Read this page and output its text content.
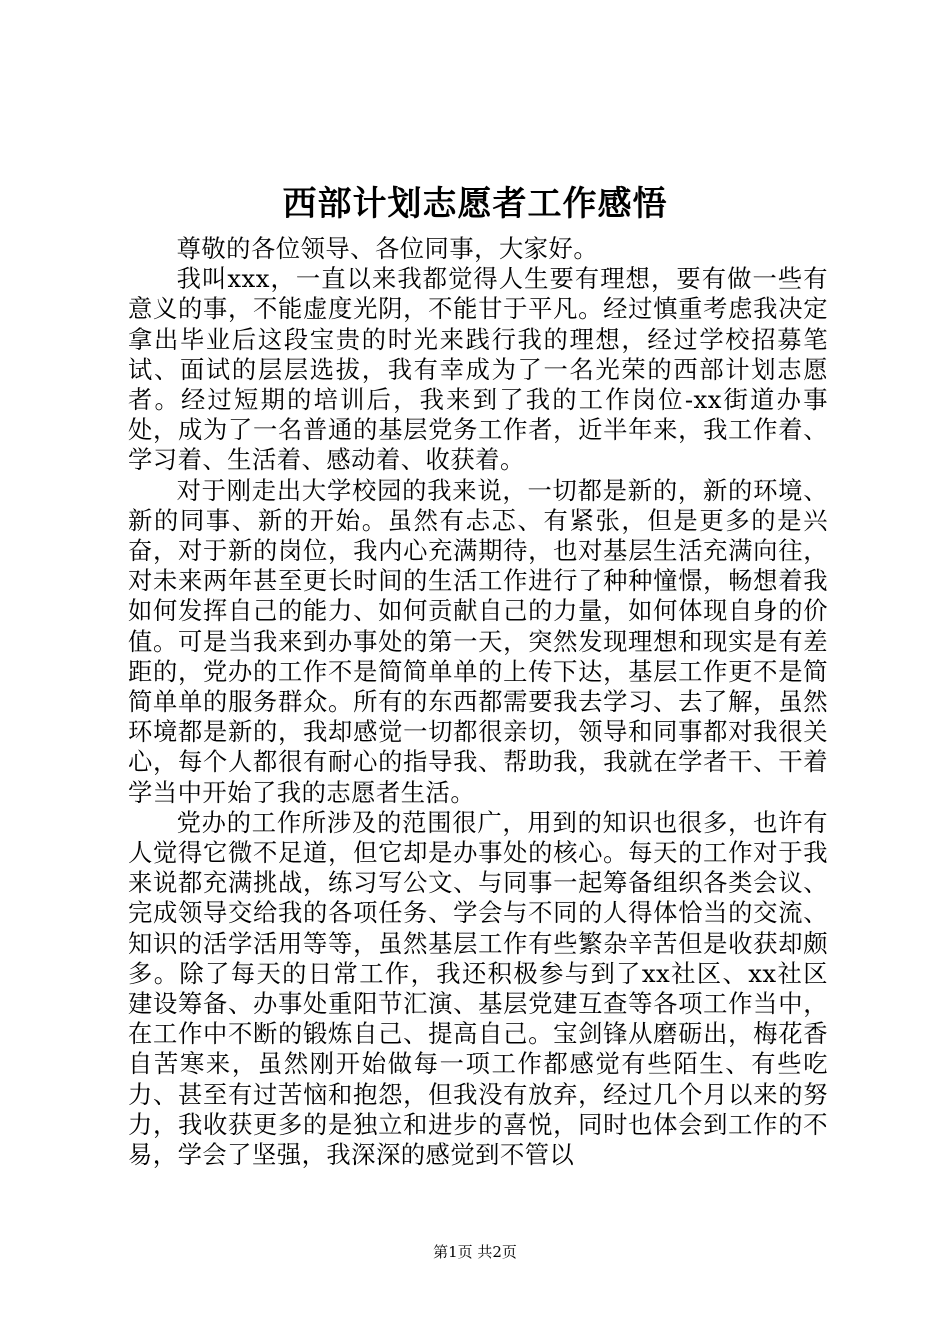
西部计划志愿者工作感悟

尊敬的各位领导、各位同事，大家好。

我叫xxx，一直以来我都觉得人生要有理想，要有做一些有意义的事，不能虚度光阴，不能甘于平凡。经过慎重考虑我决定拿出毕业后这段宝贵的时光来践行我的理想，经过学校招募笔试、面试的层层选拔，我有幸成为了一名光荣的西部计划志愿者。经过短期的培训后，我来到了我的工作岗位-xx街道办事处，成为了一名普通的基层党务工作者，近半年来，我工作着、学习着、生活着、感动着、收获着。

对于刚走出大学校园的我来说，一切都是新的，新的环境、新的同事、新的开始。虽然有忐忑、有紧张，但是更多的是兴奋，对于新的岗位，我内心充满期待，也对基层生活充满向往，对未来两年甚至更长时间的生活工作进行了种种憧憬，畅想着我如何发挥自己的能力、如何贡献自己的力量，如何体现自身的价值。可是当我来到办事处的第一天，突然发现理想和现实是有差距的，党办的工作不是简简单单的上传下达，基层工作更不是简简单单的服务群众。所有的东西都需要我去学习、去了解，虽然环境都是新的，我却感觉一切都很亲切，领导和同事都对我很关心，每个人都很有耐心的指导我、帮助我，我就在学者干、干着学当中开始了我的志愿者生活。

党办的工作所涉及的范围很广，用到的知识也很多，也许有人觉得它微不足道，但它却是办事处的核心。每天的工作对于我来说都充满挑战，练习写公文、与同事一起筹备组织各类会议、完成领导交给我的各项任务、学会与不同的人得体恰当的交流、知识的活学活用等等，虽然基层工作有些繁杂辛苦但是收获却颇多。除了每天的日常工作，我还积极参与到了xx社区、xx社区建设筹备、办事处重阳节汇演、基层党建互查等各项工作当中，在工作中不断的锻炼自己、提高自己。宝剑锋从磨砺出，梅花香自苦寒来，虽然刚开始做每一项工作都感觉有些陌生、有些吃力、甚至有过苦恼和抱怨，但我没有放弃，经过几个月以来的努力，我收获更多的是独立和进步的喜悦，同时也体会到工作的不易，学会了坚强，我深深的感觉到不管以

第1页 共2页
